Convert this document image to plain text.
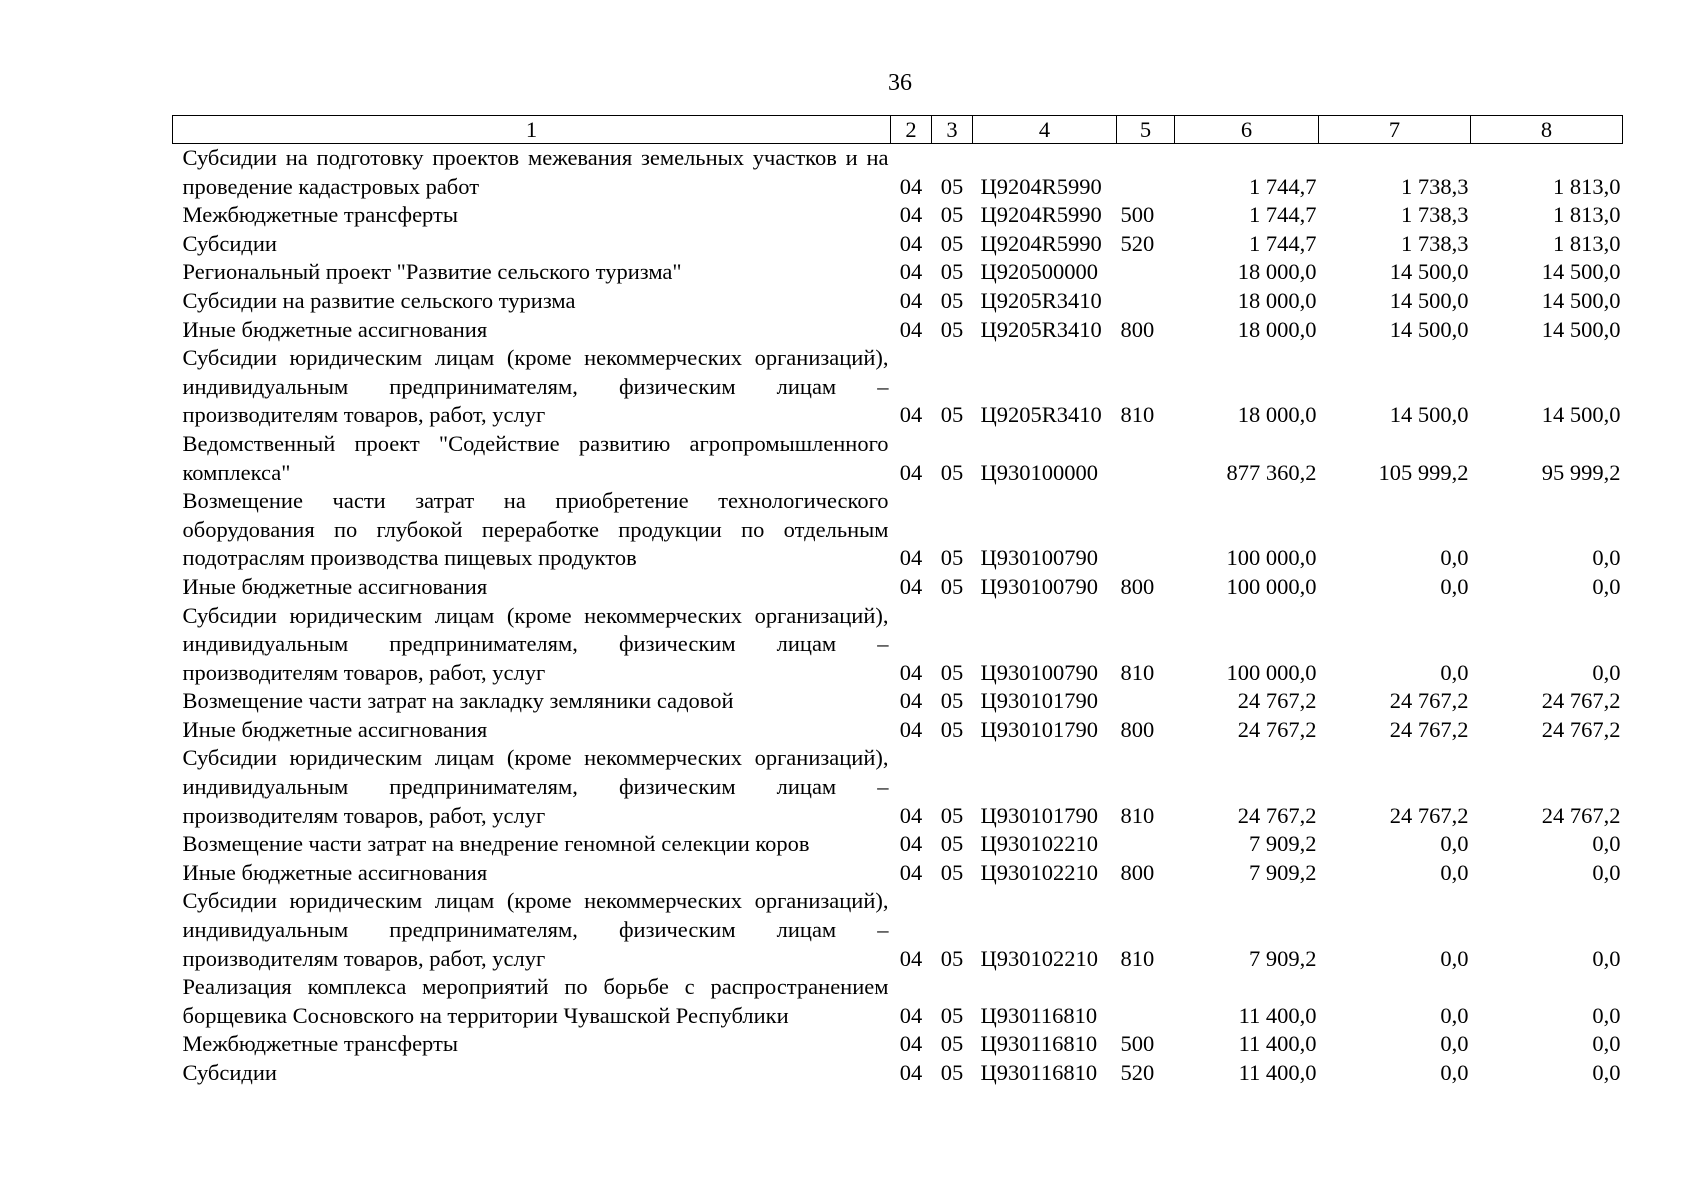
36
1	2	3	4	5	6	7	8
Субсидии на подготовку проектов межевания земельных участков и на проведение кадастровых работ	04	05	Ц9204R5990		1 744,7	1 738,3	1 813,0
Межбюджетные трансферты	04	05	Ц9204R5990	500	1 744,7	1 738,3	1 813,0
Субсидии	04	05	Ц9204R5990	520	1 744,7	1 738,3	1 813,0
Региональный проект "Развитие сельского туризма"	04	05	Ц920500000		18 000,0	14 500,0	14 500,0
Субсидии на развитие сельского туризма	04	05	Ц9205R3410		18 000,0	14 500,0	14 500,0
Иные бюджетные ассигнования	04	05	Ц9205R3410	800	18 000,0	14 500,0	14 500,0
Субсидии юридическим лицам (кроме некоммерческих организаций), индивидуальным предпринимателям, физическим лицам – производителям товаров, работ, услуг	04	05	Ц9205R3410	810	18 000,0	14 500,0	14 500,0
Ведомственный проект "Содействие развитию агропромышленного комплекса"	04	05	Ц930100000		877 360,2	105 999,2	95 999,2
Возмещение части затрат на приобретение технологического оборудования по глубокой переработке продукции по отдельным подотраслям производства пищевых продуктов	04	05	Ц930100790		100 000,0	0,0	0,0
Иные бюджетные ассигнования	04	05	Ц930100790	800	100 000,0	0,0	0,0
Субсидии юридическим лицам (кроме некоммерческих организаций), индивидуальным предпринимателям, физическим лицам – производителям товаров, работ, услуг	04	05	Ц930100790	810	100 000,0	0,0	0,0
Возмещение части затрат на закладку земляники садовой	04	05	Ц930101790		24 767,2	24 767,2	24 767,2
Иные бюджетные ассигнования	04	05	Ц930101790	800	24 767,2	24 767,2	24 767,2
Субсидии юридическим лицам (кроме некоммерческих организаций), индивидуальным предпринимателям, физическим лицам – производителям товаров, работ, услуг	04	05	Ц930101790	810	24 767,2	24 767,2	24 767,2
Возмещение части затрат на внедрение геномной селекции коров	04	05	Ц930102210		7 909,2	0,0	0,0
Иные бюджетные ассигнования	04	05	Ц930102210	800	7 909,2	0,0	0,0
Субсидии юридическим лицам (кроме некоммерческих организаций), индивидуальным предпринимателям, физическим лицам – производителям товаров, работ, услуг	04	05	Ц930102210	810	7 909,2	0,0	0,0
Реализация комплекса мероприятий по борьбе с распространением борщевика Сосновского на территории Чувашской Республики	04	05	Ц930116810		11 400,0	0,0	0,0
Межбюджетные трансферты	04	05	Ц930116810	500	11 400,0	0,0	0,0
Субсидии	04	05	Ц930116810	520	11 400,0	0,0	0,0
